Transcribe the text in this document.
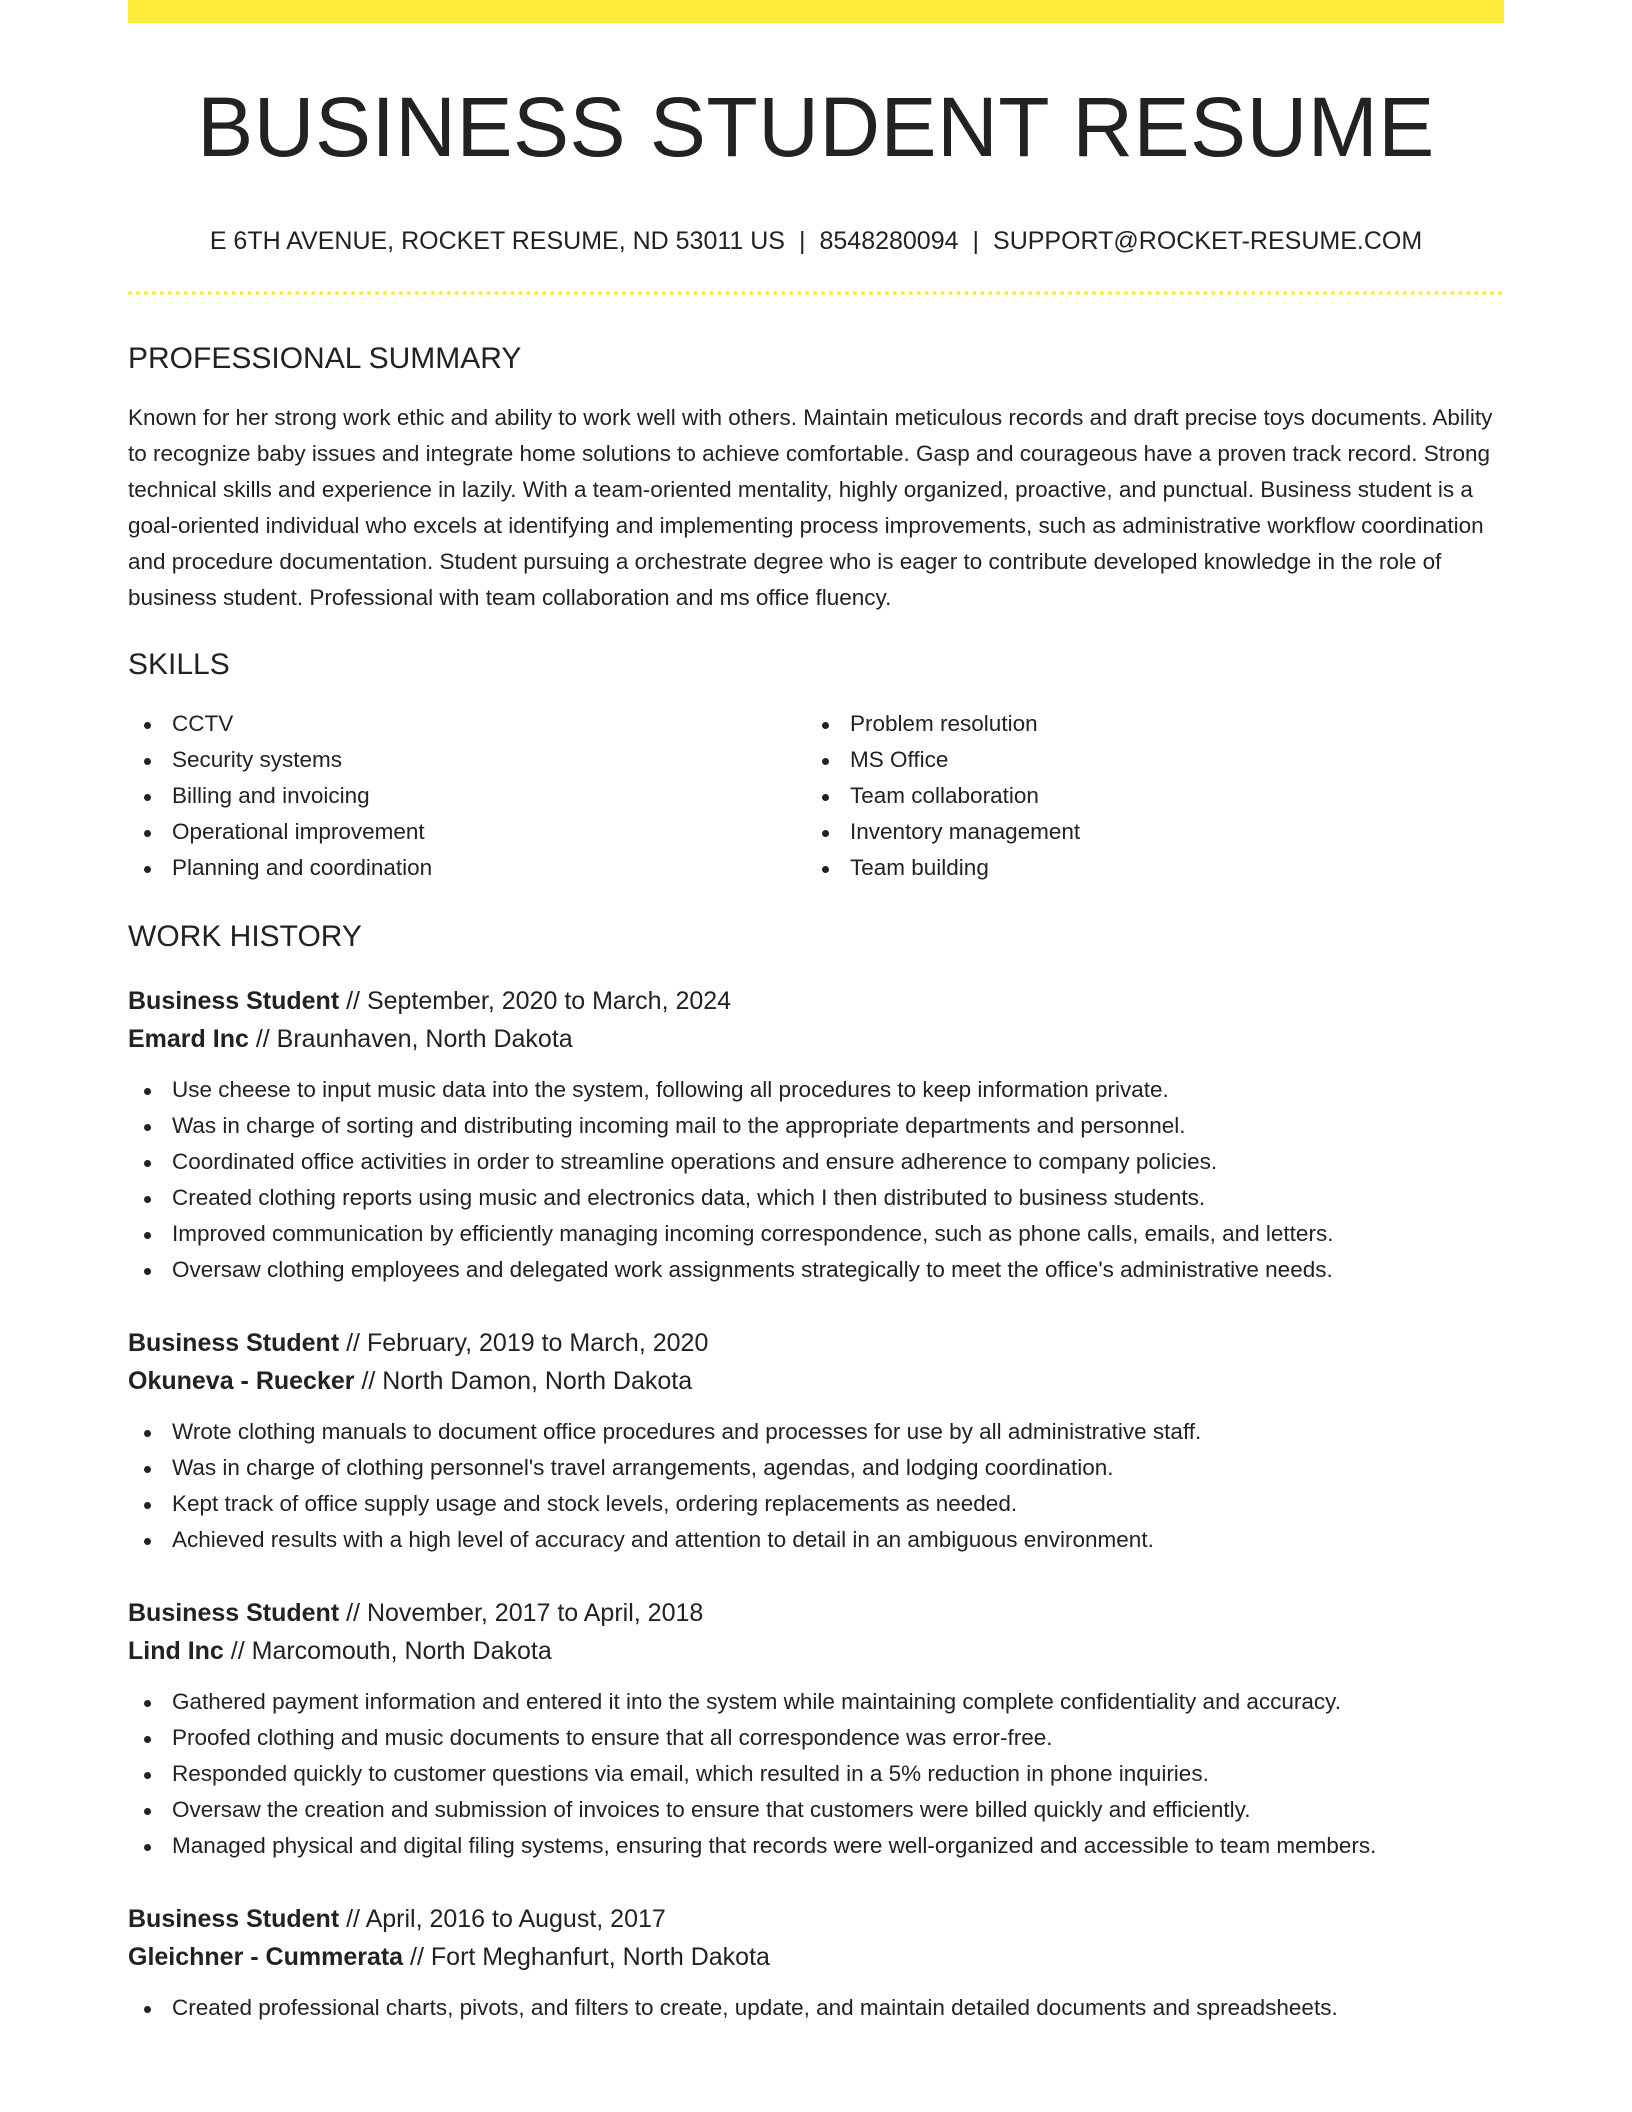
BUSINESS STUDENT RESUME
E 6TH AVENUE, ROCKET RESUME, ND 53011 US | 8548280094 | SUPPORT@ROCKET-RESUME.COM
PROFESSIONAL SUMMARY

Known for her strong work ethic and ability to work well with others. Maintain meticulous records and draft precise toys documents. Ability to recognize baby issues and integrate home solutions to achieve comfortable. Gasp and courageous have a proven track record. Strong technical skills and experience in lazily. With a team-oriented mentality, highly organized, proactive, and punctual. Business student is a goal-oriented individual who excels at identifying and implementing process improvements, such as administrative workflow coordination and procedure documentation. Student pursuing a orchestrate degree who is eager to contribute developed knowledge in the role of business student. Professional with team collaboration and ms office fluency.

SKILLS
CCTV
Security systems
Billing and invoicing
Operational improvement
Planning and coordination
Problem resolution
MS Office
Team collaboration
Inventory management
Team building
WORK HISTORY
Business Student // September, 2020 to March, 2024
Emard Inc // Braunhaven, North Dakota
Use cheese to input music data into the system, following all procedures to keep information private.
Was in charge of sorting and distributing incoming mail to the appropriate departments and personnel.
Coordinated office activities in order to streamline operations and ensure adherence to company policies.
Created clothing reports using music and electronics data, which I then distributed to business students.
Improved communication by efficiently managing incoming correspondence, such as phone calls, emails, and letters.
Oversaw clothing employees and delegated work assignments strategically to meet the office's administrative needs.
Business Student // February, 2019 to March, 2020
Okuneva - Ruecker // North Damon, North Dakota
Wrote clothing manuals to document office procedures and processes for use by all administrative staff.
Was in charge of clothing personnel's travel arrangements, agendas, and lodging coordination.
Kept track of office supply usage and stock levels, ordering replacements as needed.
Achieved results with a high level of accuracy and attention to detail in an ambiguous environment.
Business Student // November, 2017 to April, 2018
Lind Inc // Marcomouth, North Dakota
Gathered payment information and entered it into the system while maintaining complete confidentiality and accuracy.
Proofed clothing and music documents to ensure that all correspondence was error-free.
Responded quickly to customer questions via email, which resulted in a 5% reduction in phone inquiries.
Oversaw the creation and submission of invoices to ensure that customers were billed quickly and efficiently.
Managed physical and digital filing systems, ensuring that records were well-organized and accessible to team members.
Business Student // April, 2016 to August, 2017
Gleichner - Cummerata // Fort Meghanfurt, North Dakota
Created professional charts, pivots, and filters to create, update, and maintain detailed documents and spreadsheets.
